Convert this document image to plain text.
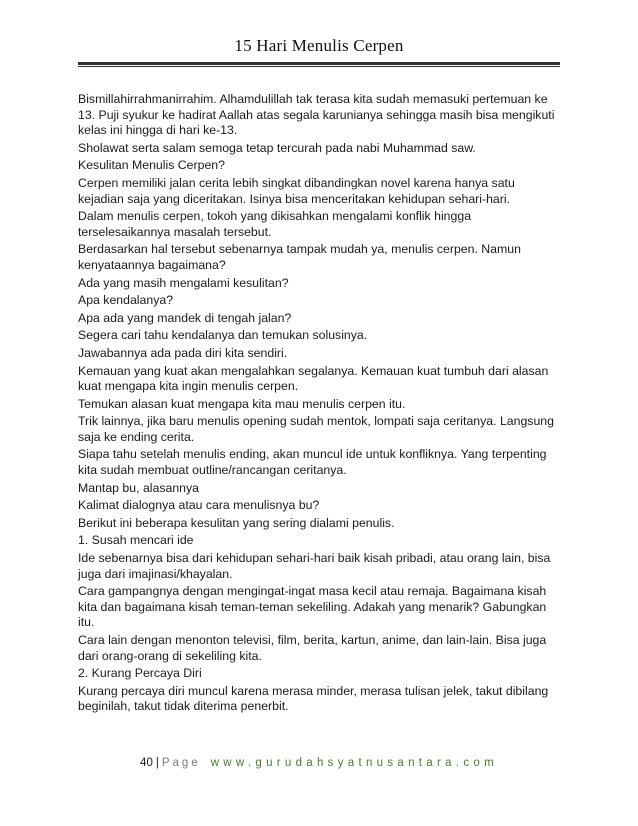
15 Hari Menulis Cerpen

Bismillahirrahmanirrahim. Alhamdulillah tak terasa kita sudah memasuki pertemuan ke 13. Puji syukur ke hadirat Aallah atas segala karunianya sehingga masih bisa mengikuti kelas ini hingga di hari ke-13.

Sholawat serta salam semoga tetap tercurah pada nabi Muhammad saw.

Kesulitan Menulis Cerpen?

Cerpen memiliki jalan cerita lebih singkat dibandingkan novel karena hanya satu kejadian saja yang diceritakan. Isinya bisa menceritakan kehidupan sehari-hari.

Dalam menulis cerpen, tokoh yang dikisahkan mengalami konflik hingga terselesaikannya masalah tersebut.

Berdasarkan hal tersebut sebenarnya tampak mudah ya, menulis cerpen. Namun kenyataannya bagaimana?

Ada yang masih mengalami kesulitan?

Apa kendalanya?

Apa ada yang mandek di tengah jalan?

Segera cari tahu kendalanya dan temukan solusinya.

Jawabannya ada pada diri kita sendiri.

Kemauan yang kuat akan mengalahkan segalanya. Kemauan kuat tumbuh dari alasan kuat mengapa kita ingin menulis cerpen.

Temukan alasan kuat mengapa kita mau menulis cerpen itu.

Trik lainnya, jika baru menulis opening sudah mentok, lompati saja ceritanya. Langsung saja ke ending cerita.

Siapa tahu setelah menulis ending, akan muncul ide untuk konfliknya. Yang terpenting kita sudah membuat outline/rancangan ceritanya.

Mantap bu, alasannya

Kalimat dialognya atau cara menulisnya bu?

Berikut ini beberapa kesulitan yang sering dialami penulis.

1. Susah mencari ide

Ide sebenarnya bisa dari kehidupan sehari-hari baik kisah pribadi, atau orang lain, bisa juga dari imajinasi/khayalan.

Cara gampangnya dengan mengingat-ingat masa kecil atau remaja. Bagaimana kisah kita dan bagaimana kisah teman-teman sekeliling. Adakah yang menarik? Gabungkan itu.

Cara lain dengan menonton televisi, film, berita, kartun, anime, dan lain-lain. Bisa juga dari orang-orang di sekeliling kita.

2. Kurang Percaya Diri

Kurang percaya diri muncul karena merasa minder, merasa tulisan jelek, takut dibilang beginilah, takut tidak diterima penerbit.

40 | Page www.gurudahsyatnusantara.com
